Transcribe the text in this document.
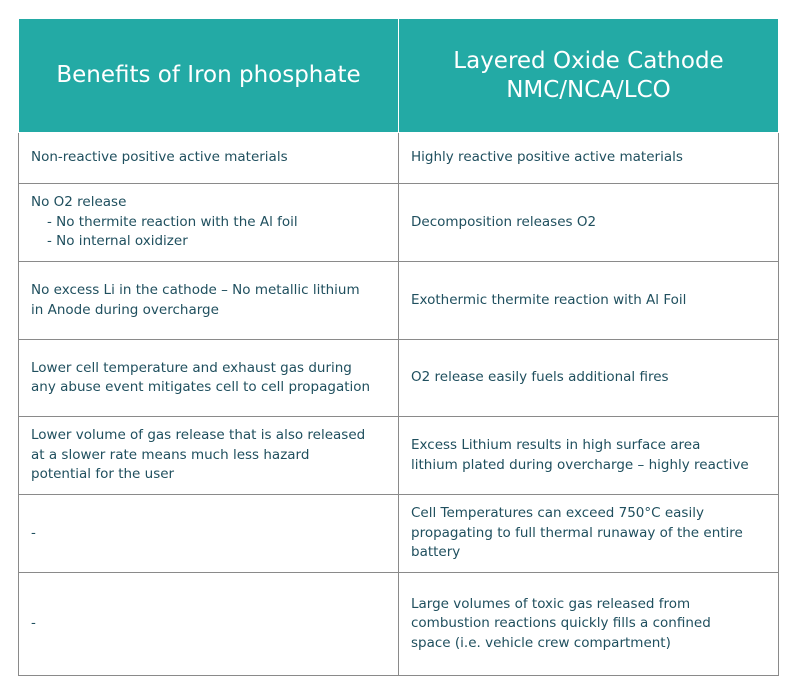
Benefits of Iron phosphate	Layered Oxide Cathode
NMC/NCA/LCO

Non-reactive positive active materials	Highly reactive positive active materials

No O2 release
- No thermite reaction with the Al foil
- No internal oxidizer	Decomposition releases O2

No excess Li in the cathode – No metallic lithium
in Anode during overcharge	Exothermic thermite reaction with Al Foil

Lower cell temperature and exhaust gas during
any abuse event mitigates cell to cell propagation	O2 release easily fuels additional fires

Lower volume of gas release that is also released
at a slower rate means much less hazard
potential for the user	Excess Lithium results in high surface area
lithium plated during overcharge – highly reactive

-	Cell Temperatures can exceed 750°C easily
propagating to full thermal runaway of the entire
battery

-	Large volumes of toxic gas released from
combustion reactions quickly fills a confined
space (i.e. vehicle crew compartment)
